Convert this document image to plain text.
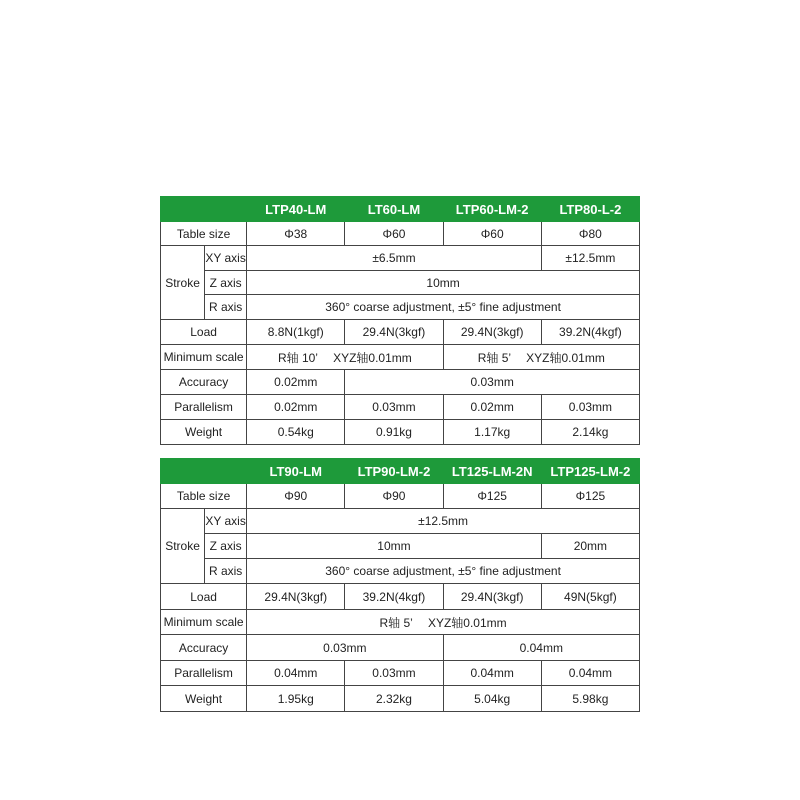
		LTP40-LM	LT60-LM	LTP60-LM-2	LTP80-L-2
Table size		Φ38	Φ60	Φ60	Φ80
Stroke	XY axis	±6.5mm			±12.5mm
	Z axis	10mm			
	R axis	360° coarse adjustment, ±5° fine adjustment			
Load		8.8N(1kgf)	29.4N(3kgf)	29.4N(3kgf)	39.2N(4kgf)
Minimum scale		R轴 10’　 XYZ轴0.01mm		R轴 5’　 XYZ轴0.01mm	
Accuracy		0.02mm	0.03mm		
Parallelism		0.02mm	0.03mm	0.02mm	0.03mm
Weight		0.54kg	0.91kg	1.17kg	2.14kg
		LT90-LM	LTP90-LM-2	LT125-LM-2N	LTP125-LM-2
Table size		Φ90	Φ90	Φ125	Φ125
Stroke	XY axis	±12.5mm			
	Z axis	10mm			20mm
	R axis	360° coarse adjustment, ±5° fine adjustment			
Load		29.4N(3kgf)	39.2N(4kgf)	29.4N(3kgf)	49N(5kgf)
Minimum scale		R轴 5’　 XYZ轴0.01mm			
Accuracy		0.03mm		0.04mm	
Parallelism		0.04mm	0.03mm	0.04mm	0.04mm
Weight		1.95kg	2.32kg	5.04kg	5.98kg
